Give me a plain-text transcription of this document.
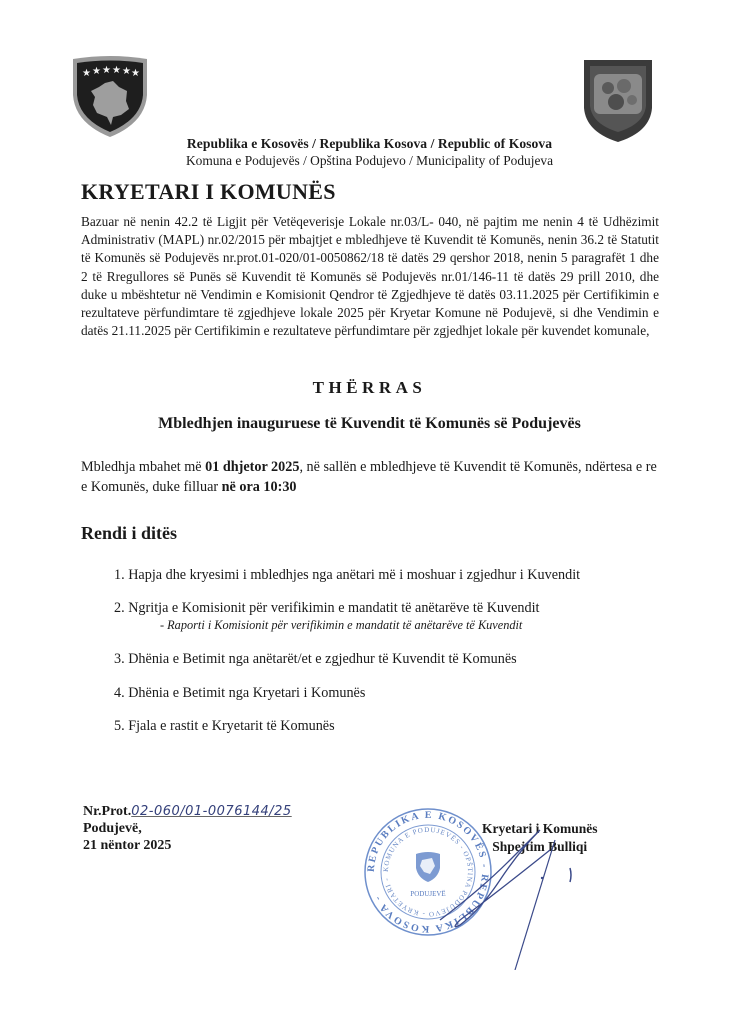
★ ★ ★ ★ ★ ★
Republika e Kosovës / Republika Kosova / Republic of Kosova
Komuna e Podujevës / Opština Podujevo / Municipality of Podujeva
KRYETARI I KOMUNËS
Bazuar në nenin 42.2 të Ligjit për Vetëqeverisje Lokale nr.03/L- 040, në pajtim me nenin 4 të Udhëzimit Administrativ (MAPL) nr.02/2015 për mbajtjet e mbledhjeve të Kuvendit të Komunës, nenin 36.2 të Statutit të Komunës së Podujevës nr.prot.01-020/01-0050862/18 të datës 29 qershor 2018, nenin 5 paragrafët 1 dhe 2 të Rregullores së Punës së Kuvendit të Komunës së Podujevës nr.01/146-11 të datës 29 prill 2010, dhe duke u mbështetur në Vendimin e Komisionit Qendror të Zgjedhjeve të datës 03.11.2025 për Certifikimin e rezultateve përfundimtare të zgjedhjeve lokale 2025 për Kryetar Komune në Podujevë, si dhe Vendimin e datës 21.11.2025 për Certifikimin e rezultateve përfundimtare për zgjedhjet lokale për kuvendet komunale,
THËRRAS
Mbledhjen inauguruese të Kuvendit të Komunës së Podujevës
Mbledhja mbahet më 01 dhjetor 2025, në sallën e mbledhjeve të Kuvendit të Komunës, ndërtesa e re e Komunës, duke filluar në ora 10:30
Rendi i ditës
1. Hapja dhe kryesimi i mbledhjes nga anëtari më i moshuar i zgjedhur i Kuvendit
2. Ngritja e Komisionit për verifikimin e mandatit të anëtarëve të Kuvendit
- Raporti i Komisionit për verifikimin e mandatit të anëtarëve të Kuvendit
3. Dhënia e Betimit nga anëtarët/et e zgjedhur të Kuvendit të Komunës
4. Dhënia e Betimit nga Kryetari i Komunës
5. Fjala e rastit e Kryetarit të Komunës
Nr.Prot.02-060/01-0076144/25
Podujevë,
21 nëntor 2025
REPUBLIKA E KOSOVËS - REPUBLIKA KOSOVA -
KOMUNA E PODUJEVËS - OPŠTINA PODUJEVO - KRYETARI -
PODUJEVË
Kryetari i Komunës
Shpejtim Bulliqi
